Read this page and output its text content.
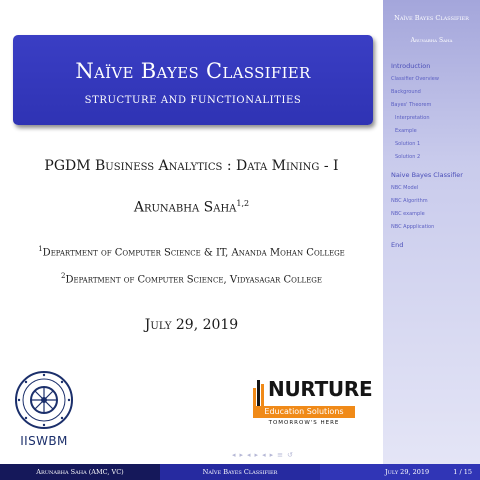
Naïve Bayes Classifier
STRUCTURE AND FUNCTIONALITIES
PGDM Business Analytics : Data Mining - I
Arunabha Saha$^{1,2}$
$^1$Department of Computer Science & IT, Ananda Mohan College
$^2$Department of Computer Science, Vidyasagar College
July 29, 2019
IISWBM
NURTURE
Education Solutions
TOMORROW'S HERE
◂ ▸ ◂ ▸ ◂ ▸ ≡ ↺
Naïve Bayes Classifier
Arunabha Saha
Introduction
Classifier Overview
Background
Bayes' Theorem
Interpretation
Example
Solution 1
Solution 2
Naive Bayes Classifier
NBC Model
NBC Algorithm
NBC example
NBC Appplication
End
Arunabha Saha (AMC, VC)	Naïve Bayes Classifier	July 29, 2019	1 / 15
